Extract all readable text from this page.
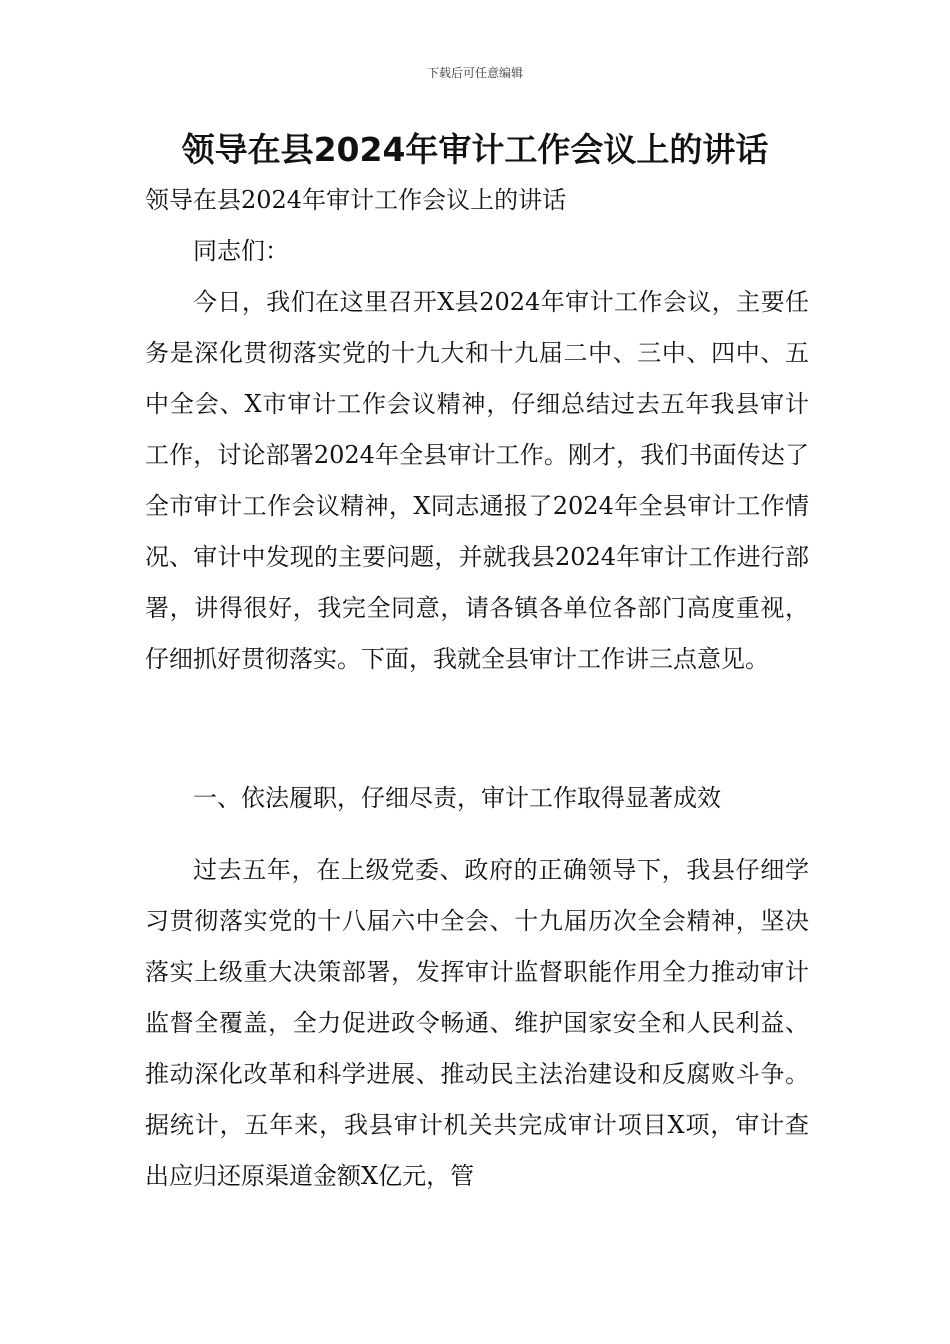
下载后可任意编辑
领导在县2024年审计工作会议上的讲话

领导在县2024年审计工作会议上的讲话

同志们：

今日，我们在这里召开X县2024年审计工作会议，主要任务是深化贯彻落实党的十九大和十九届二中、三中、四中、五中全会、X市审计工作会议精神，仔细总结过去五年我县审计工作，讨论部署2024年全县审计工作。刚才，我们书面传达了全市审计工作会议精神，X同志通报了2024年全县审计工作情况、审计中发现的主要问题，并就我县2024年审计工作进行部署，讲得很好，我完全同意，请各镇各单位各部门高度重视，仔细抓好贯彻落实。下面，我就全县审计工作讲三点意见。

一、依法履职，仔细尽责，审计工作取得显著成效

过去五年，在上级党委、政府的正确领导下，我县仔细学习贯彻落实党的十八届六中全会、十九届历次全会精神，坚决落实上级重大决策部署，发挥审计监督职能作用全力推动审计监督全覆盖，全力促进政令畅通、维护国家安全和人民利益、推动深化改革和科学进展、推动民主法治建设和反腐败斗争。据统计，五年来，我县审计机关共完成审计项目X项，审计查出应归还原渠道金额X亿元，管
